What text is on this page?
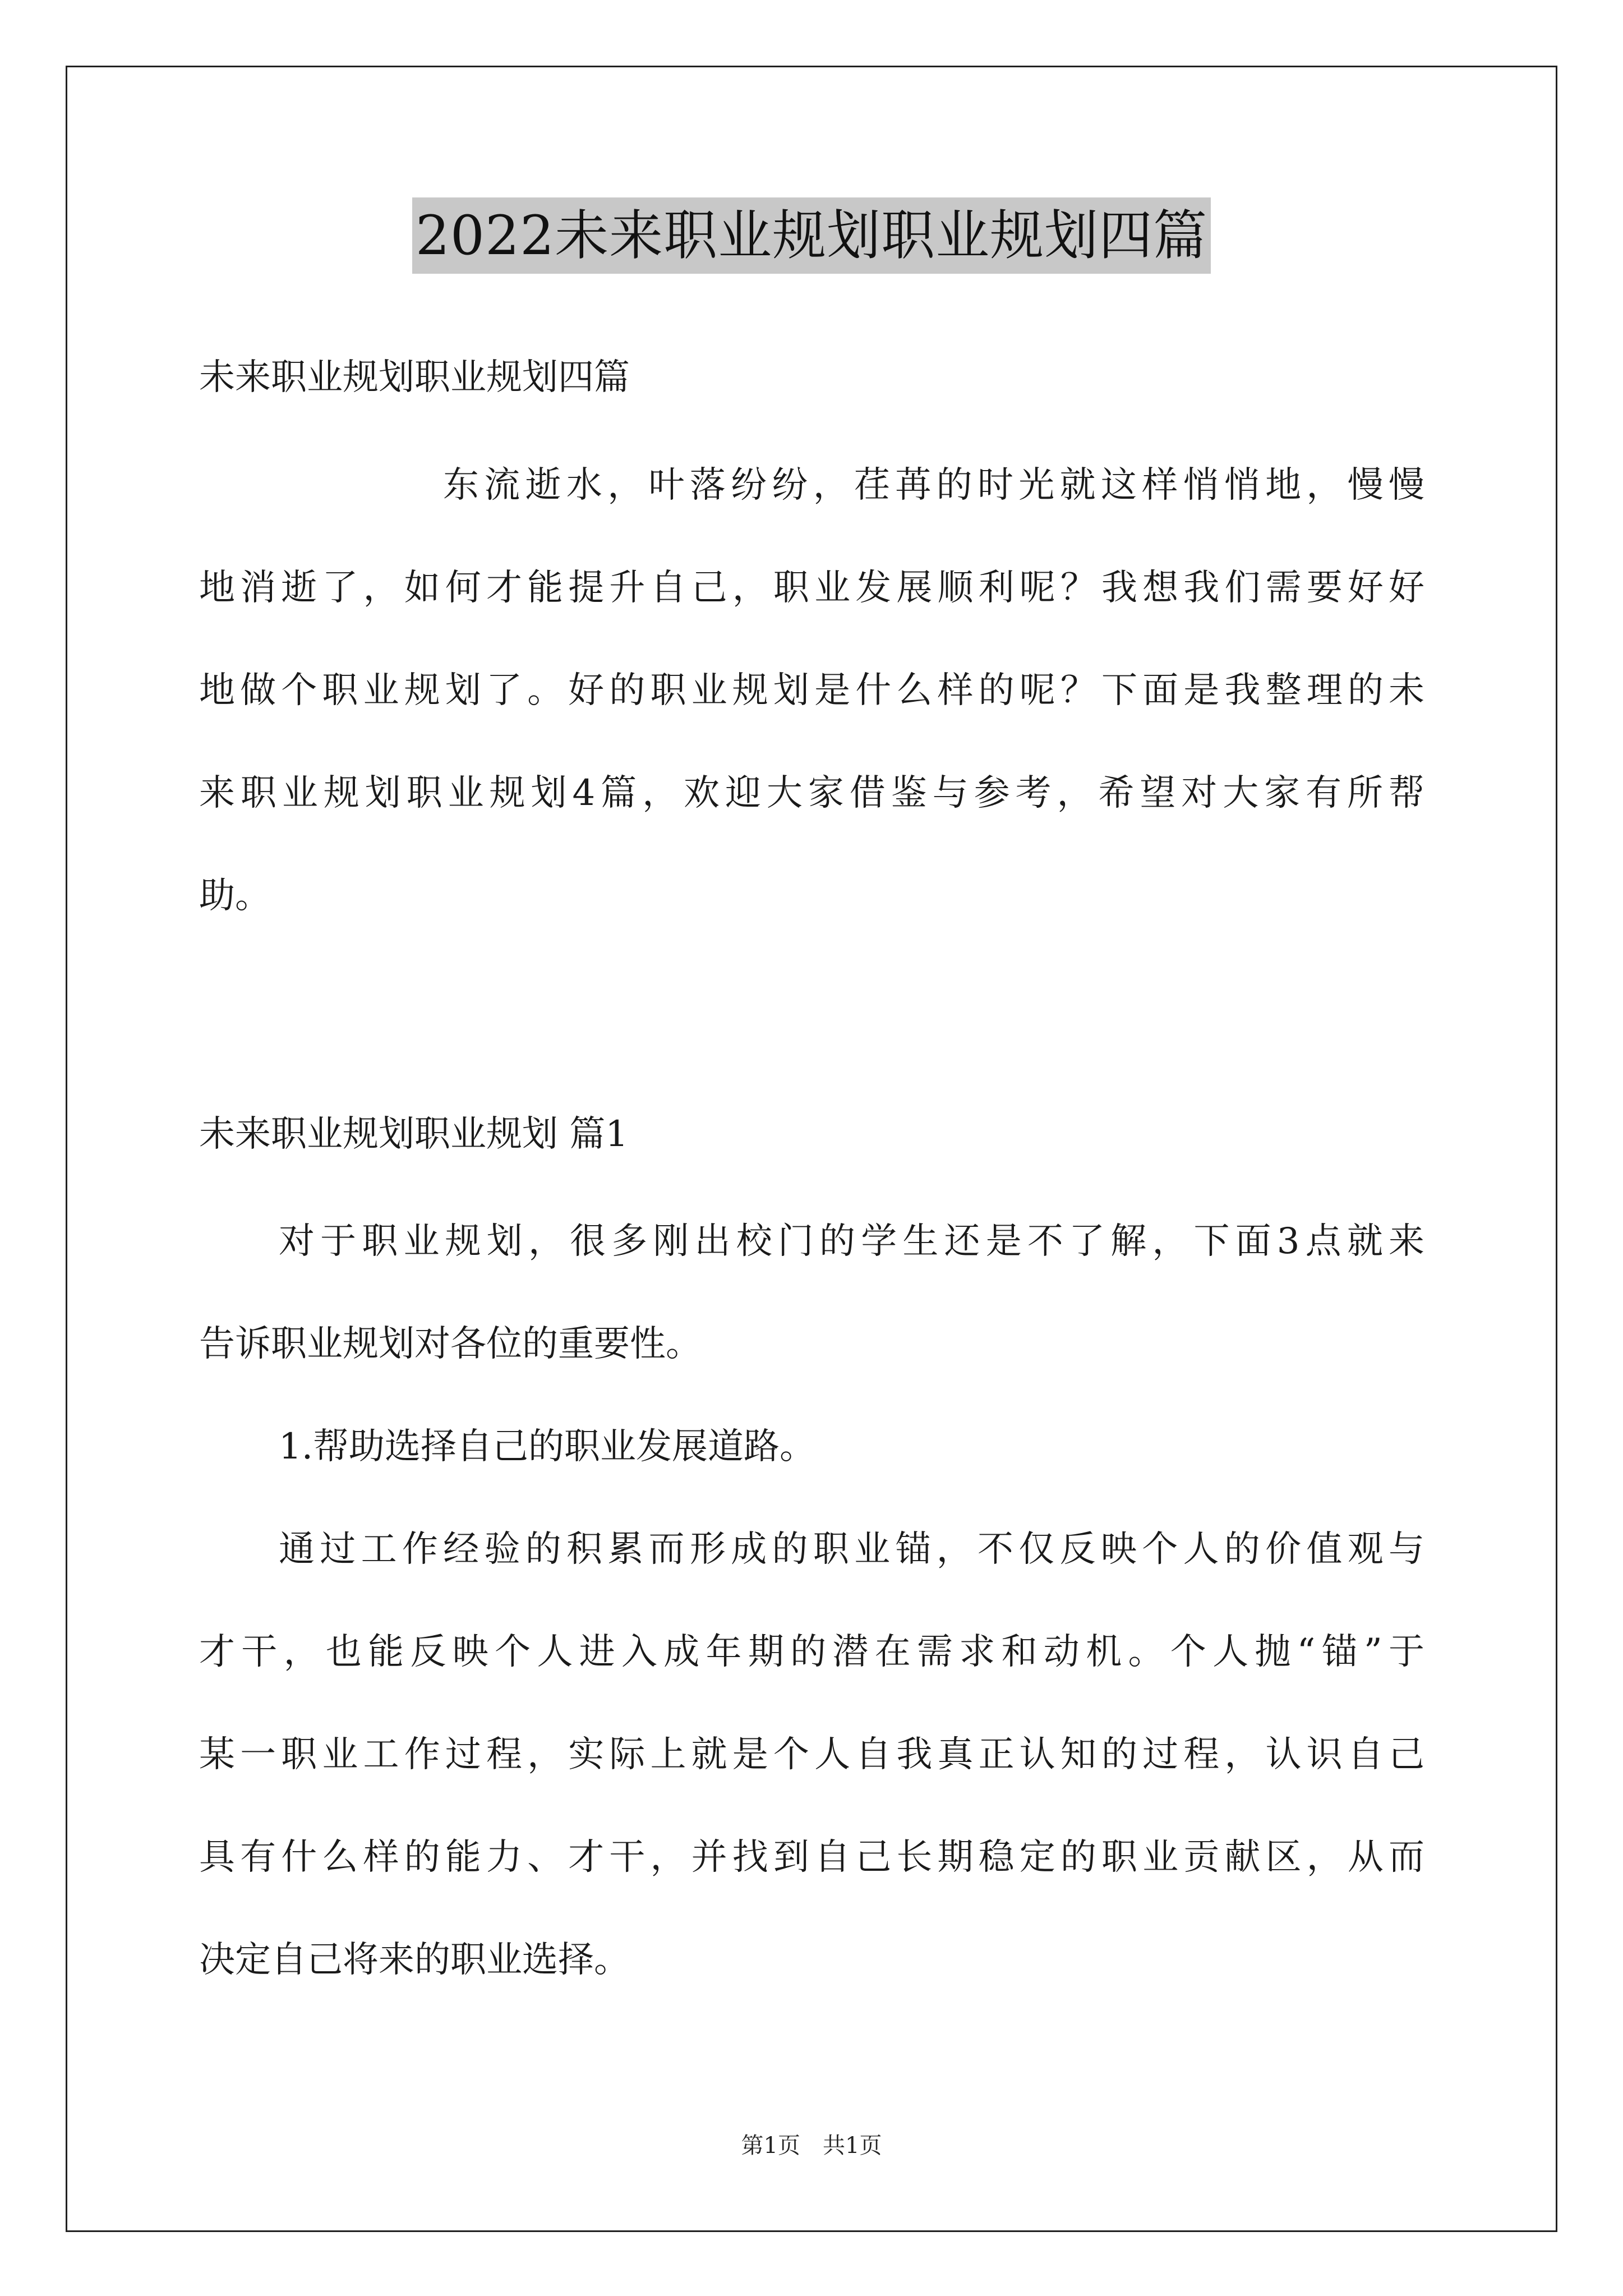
2022未来职业规划职业规划四篇
未来职业规划职业规划四篇
东流逝水，叶落纷纷，荏苒的时光就这样悄悄地，慢慢
地消逝了，如何才能提升自己，职业发展顺利呢？我想我们需要好好
地做个职业规划了。好的职业规划是什么样的呢？下面是我整理的未
来职业规划职业规划4篇，欢迎大家借鉴与参考，希望对大家有所帮
助。
未来职业规划职业规划 篇1
对于职业规划，很多刚出校门的学生还是不了解，下面3点就来
告诉职业规划对各位的重要性。
1.帮助选择自己的职业发展道路。
通过工作经验的积累而形成的职业锚，不仅反映个人的价值观与
才干，也能反映个人进入成年期的潜在需求和动机。个人抛“锚”于
某一职业工作过程，实际上就是个人自我真正认知的过程，认识自己
具有什么样的能力、才干，并找到自己长期稳定的职业贡献区，从而
决定自己将来的职业选择。
第1页　共1页
